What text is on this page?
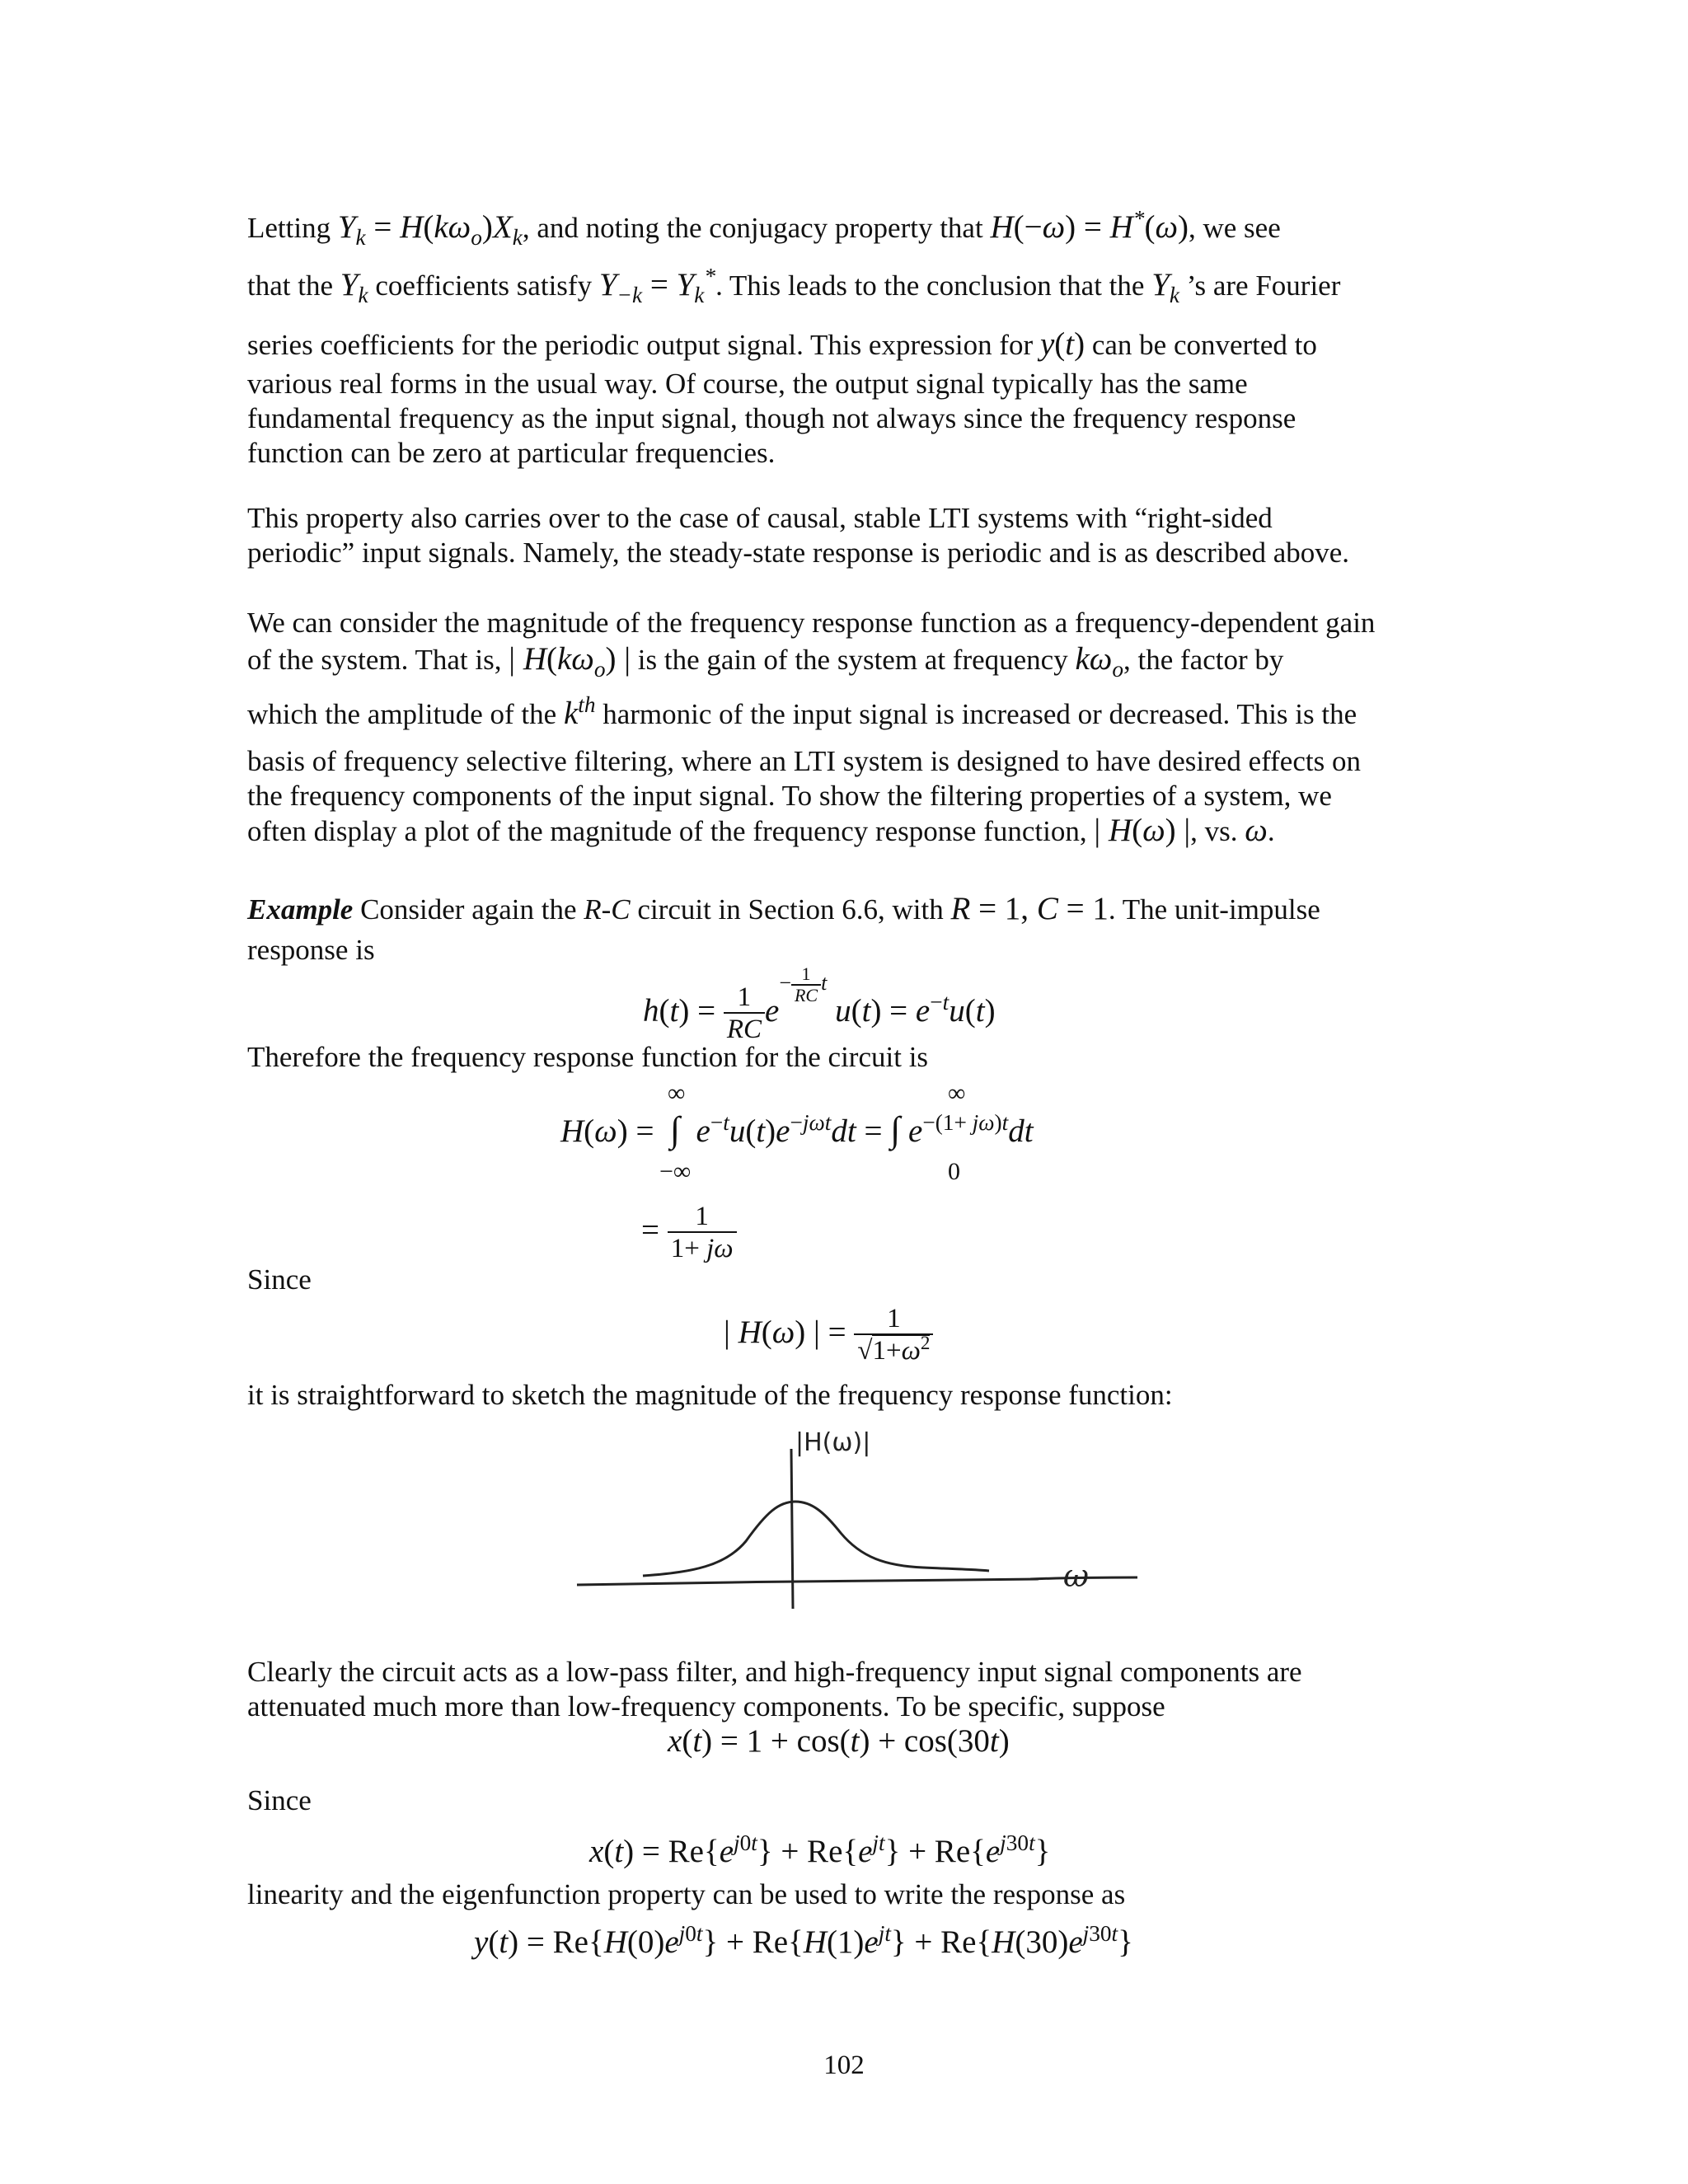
Letting $Y_k = H(k\omega_o)X_k$, and noting the conjugacy property that H(−ω) = H*(ω), we see
that the $Y_k$ coefficients satisfy $Y_{-k} = Y_k^*$. This leads to the conclusion that the $Y_k$ ’s are Fourier
series coefficients for the periodic output signal. This expression for y(t) can be converted to
various real forms in the usual way. Of course, the output signal typically has the same
fundamental frequency as the input signal, though not always since the frequency response
function can be zero at particular frequencies.
This property also carries over to the case of causal, stable LTI systems with “right-sided
periodic” input signals. Namely, the steady-state response is periodic and is as described above.
We can consider the magnitude of the frequency response function as a frequency-dependent gain
of the system. That is, | $H(k\omega_o)$ | is the gain of the system at frequency $k\omega_o$, the factor by
which the amplitude of the $k^{th}$ harmonic of the input signal is increased or decreased. This is the
basis of frequency selective filtering, where an LTI system is designed to have desired effects on
the frequency components of the input signal. To show the filtering properties of a system, we
often display a plot of the magnitude of the frequency response function, | H(ω) |, vs. ω.
Example Consider again the R-C circuit in Section 6.6, with R = 1, C = 1. The unit-impulse
response is
$h(t) = \frac{1}{RC} e^{- \frac{1}{RC} t}$ $u(t) = e^{-t}u(t)$
Therefore the frequency response function for the circuit is
H(ω) =  ∫ $e^{-t}u(t)e^{-j\omega t}dt$ = ∫ $e^{-(1+ j\omega)t}dt$
∞
−∞
∞
0
= $\frac{1}{1+ j\omega}$
Since
| H(ω) | = $\frac{1}{√1+\omega^2}$
it is straightforward to sketch the magnitude of the frequency response function:
|H(ω)|
ω
Clearly the circuit acts as a low-pass filter, and high-frequency input signal components are
attenuated much more than low-frequency components. To be specific, suppose
x(t) = 1 + cos(t) + cos(30t)
Since
$x(t) = Re\{e^{j0t}\} + Re\{e^{jt}\} + Re\{e^{j30t}\}$
linearity and the eigenfunction property can be used to write the response as
$y(t) = Re\{H(0)e^{j0t}\} + Re\{H(1)e^{jt}\} + Re\{H(30)e^{j30t}\}$
102
